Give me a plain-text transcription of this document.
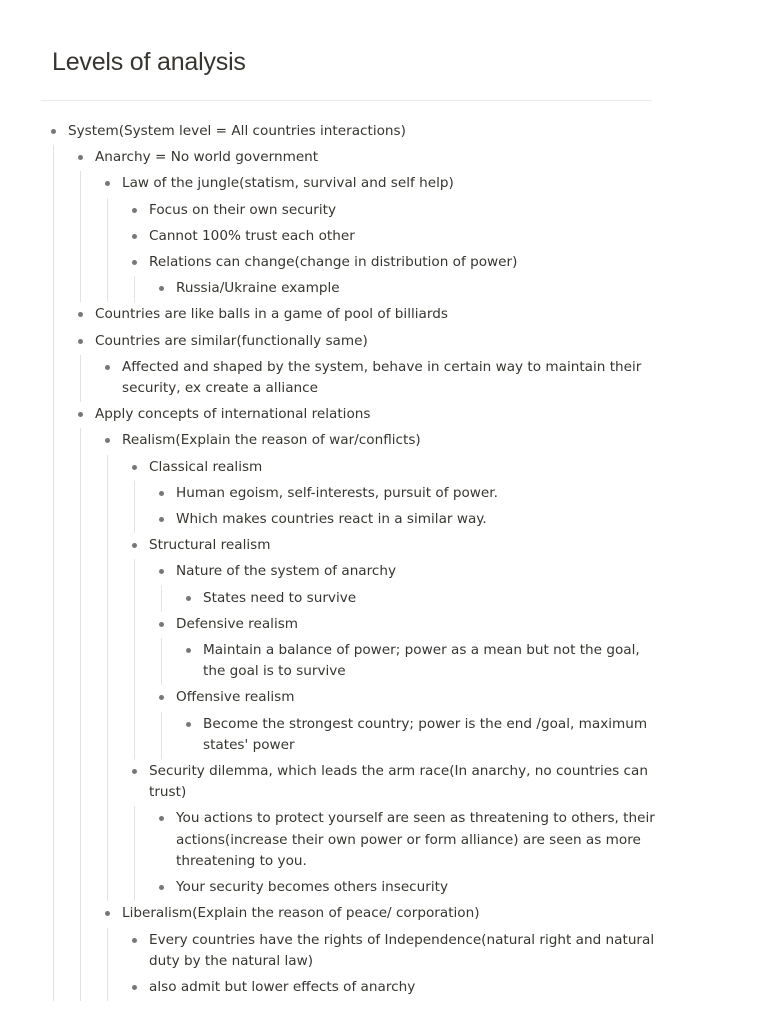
Levels of analysis
System(System level = All countries interactions)
Anarchy = No world government
Law of the jungle(statism, survival and self help)
Focus on their own security
Cannot 100% trust each other
Relations can change(change in distribution of power)
Russia/Ukraine example
Countries are like balls in a game of pool of billiards
Countries are similar(functionally same)
Affected and shaped by the system, behave in certain way to maintain their security, ex create a alliance
Apply concepts of international relations
Realism(Explain the reason of war/conflicts)
Classical realism
Human egoism, self-interests, pursuit of power.
Which makes countries react in a similar way.
Structural realism
Nature of the system of anarchy
States need to survive
Defensive realism
Maintain a balance of power; power as a mean but not the goal, the goal is to survive
Offensive realism
Become the strongest country; power is the end /goal, maximum states' power
Security dilemma, which leads the arm race(In anarchy, no countries can trust)
You actions to protect yourself are seen as threatening to others, their actions(increase their own power or form alliance) are seen as more threatening to you.
Your security becomes others insecurity
Liberalism(Explain the reason of peace/ corporation)
Every countries have the rights of Independence(natural right and natural duty by the natural law)
also admit but lower effects of anarchy
